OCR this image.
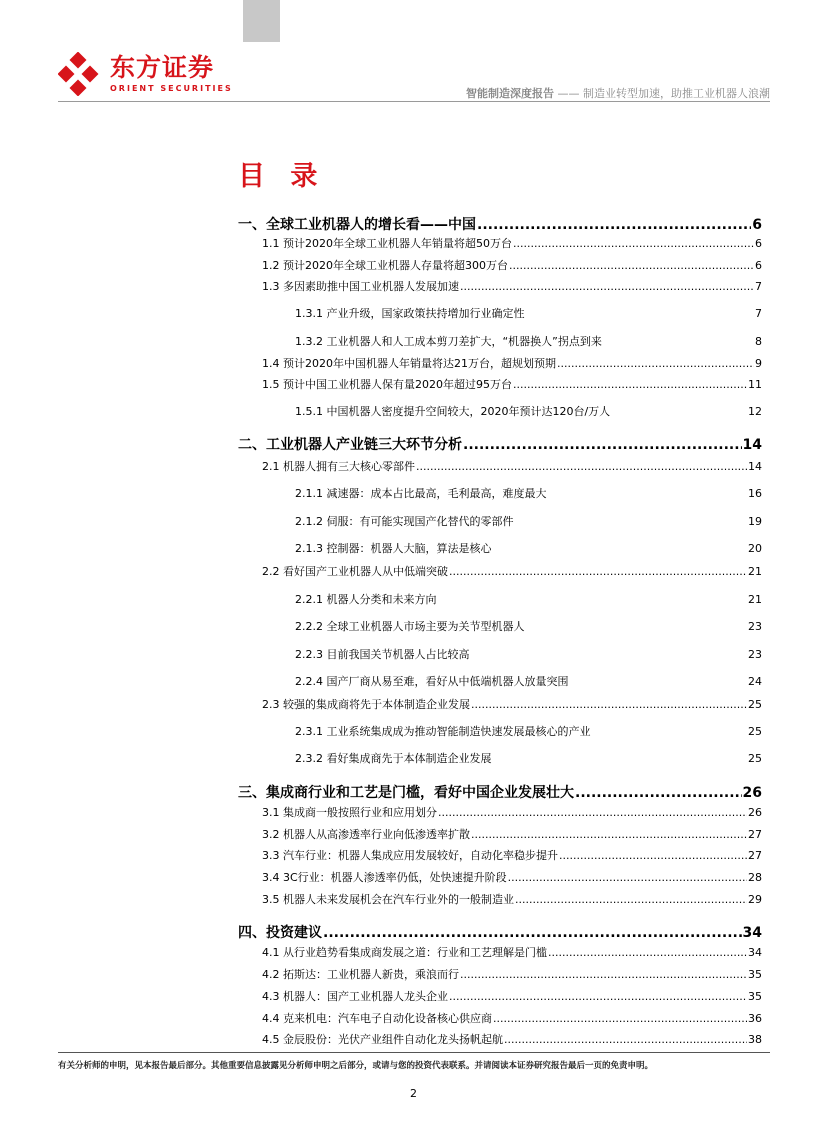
东方证券
ORIENT SECURITIES	智能制造深度报告 —— 制造业转型加速，助推工业机器人浪潮
目 录
一、全球工业机器人的增长看——中国 .....	6
1.1 预计2020年全球工业机器人年销量将超50万台 .....	6
1.2 预计2020年全球工业机器人存量将超300万台 .....	6
1.3 多因素助推中国工业机器人发展加速 .....	7
1.3.1 产业升级，国家政策扶持增加行业确定性	7
1.3.2 工业机器人和人工成本剪刀差扩大，“机器换人”拐点到来	8
1.4 预计2020年中国机器人年销量将达21万台，超规划预期 .....	9
1.5 预计中国工业机器人保有量2020年超过95万台 .....	11
1.5.1 中国机器人密度提升空间较大，2020年预计达120台/万人	12
二、工业机器人产业链三大环节分析 .....	14
2.1 机器人拥有三大核心零部件 .....	14
2.1.1 减速器：成本占比最高，毛利最高，难度最大	16
2.1.2 伺服：有可能实现国产化替代的零部件	19
2.1.3 控制器：机器人大脑，算法是核心	20
2.2 看好国产工业机器人从中低端突破 .....	21
2.2.1 机器人分类和未来方向	21
2.2.2 全球工业机器人市场主要为关节型机器人	23
2.2.3 目前我国关节机器人占比较高	23
2.2.4 国产厂商从易至难，看好从中低端机器人放量突围	24
2.3 较强的集成商将先于本体制造企业发展 .....	25
2.3.1 工业系统集成成为推动智能制造快速发展最核心的产业	25
2.3.2 看好集成商先于本体制造企业发展	25
三、集成商行业和工艺是门槛，看好中国企业发展壮大 .....	26
3.1 集成商一般按照行业和应用划分 .....	26
3.2 机器人从高渗透率行业向低渗透率扩散 .....	27
3.3 汽车行业：机器人集成应用发展较好，自动化率稳步提升 .....	27
3.4 3C行业：机器人渗透率仍低，处快速提升阶段 .....	28
3.5 机器人未来发展机会在汽车行业外的一般制造业 .....	29
四、投资建议 .....	34
4.1 从行业趋势看集成商发展之道：行业和工艺理解是门槛 .....	34
4.2 拓斯达：工业机器人新贵，乘浪而行 .....	35
4.3 机器人：国产工业机器人龙头企业 .....	35
4.4 克来机电：汽车电子自动化设备核心供应商 .....	36
4.5 金辰股份：光伏产业组件自动化龙头扬帆起航 .....	38
有关分析师的申明，见本报告最后部分。其他重要信息披露见分析师申明之后部分，或请与您的投资代表联系。并请阅读本证券研究报告最后一页的免责申明。
2
